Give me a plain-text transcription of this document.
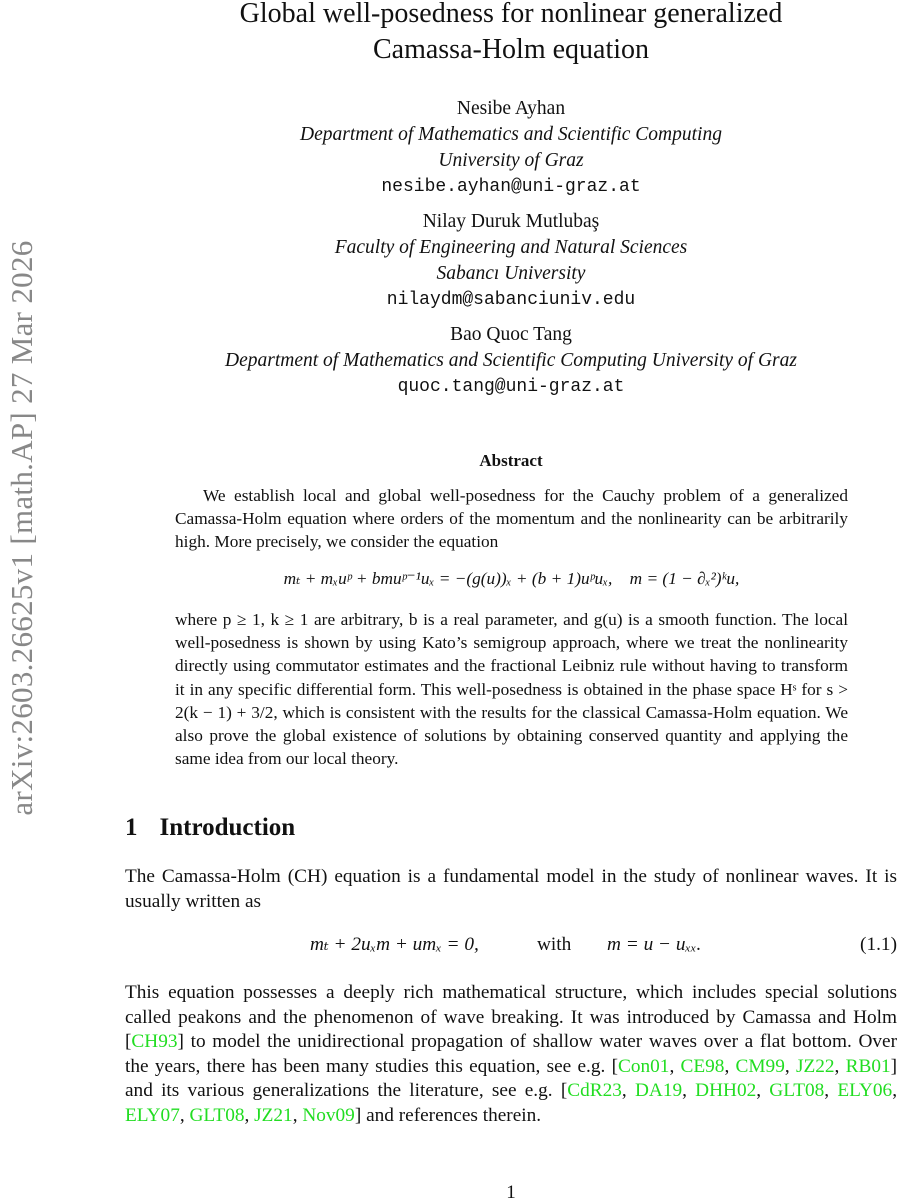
arXiv:2603.26625v1 [math.AP] 27 Mar 2026
Global well-posedness for nonlinear generalized
Camassa-Holm equation
Nesibe Ayhan
Department of Mathematics and Scientific Computing
University of Graz
nesibe.ayhan@uni-graz.at
Nilay Duruk Mutlubaş
Faculty of Engineering and Natural Sciences
Sabancı University
nilaydm@sabanciuniv.edu
Bao Quoc Tang
Department of Mathematics and Scientific Computing University of Graz
quoc.tang@uni-graz.at
Abstract
We establish local and global well-posedness for the Cauchy problem of a generalized Camassa-Holm equation where orders of the momentum and the nonlinearity can be arbitrarily high. More precisely, we consider the equation
mₜ + mₓuᵖ + bmuᵖ⁻¹uₓ = −(g(u))ₓ + (b + 1)uᵖuₓ,    m = (1 − ∂ₓ²)ᵏu,
where p ≥ 1, k ≥ 1 are arbitrary, b is a real parameter, and g(u) is a smooth function. The local well-posedness is shown by using Kato’s semigroup approach, where we treat the nonlinearity directly using commutator estimates and the fractional Leibniz rule without having to transform it in any specific differential form. This well-posedness is obtained in the phase space Hˢ for s > 2(k − 1) + 3/2, which is consistent with the results for the classical Camassa-Holm equation. We also prove the global existence of solutions by obtaining conserved quantity and applying the same idea from our local theory.
1 Introduction
The Camassa-Holm (CH) equation is a fundamental model in the study of nonlinear waves. It is usually written as
mₜ + 2uₓm + umₓ = 0,	with m = u − uₓₓ.	(1.1)
This equation possesses a deeply rich mathematical structure, which includes special solutions called peakons and the phenomenon of wave breaking. It was introduced by Camassa and Holm [CH93] to model the unidirectional propagation of shallow water waves over a flat bottom. Over the years, there has been many studies this equation, see e.g. [Con01, CE98, CM99, JZ22, RB01] and its various generalizations the literature, see e.g. [CdR23, DA19, DHH02, GLT08, ELY06, ELY07, GLT08, JZ21, Nov09] and references therein.
1
